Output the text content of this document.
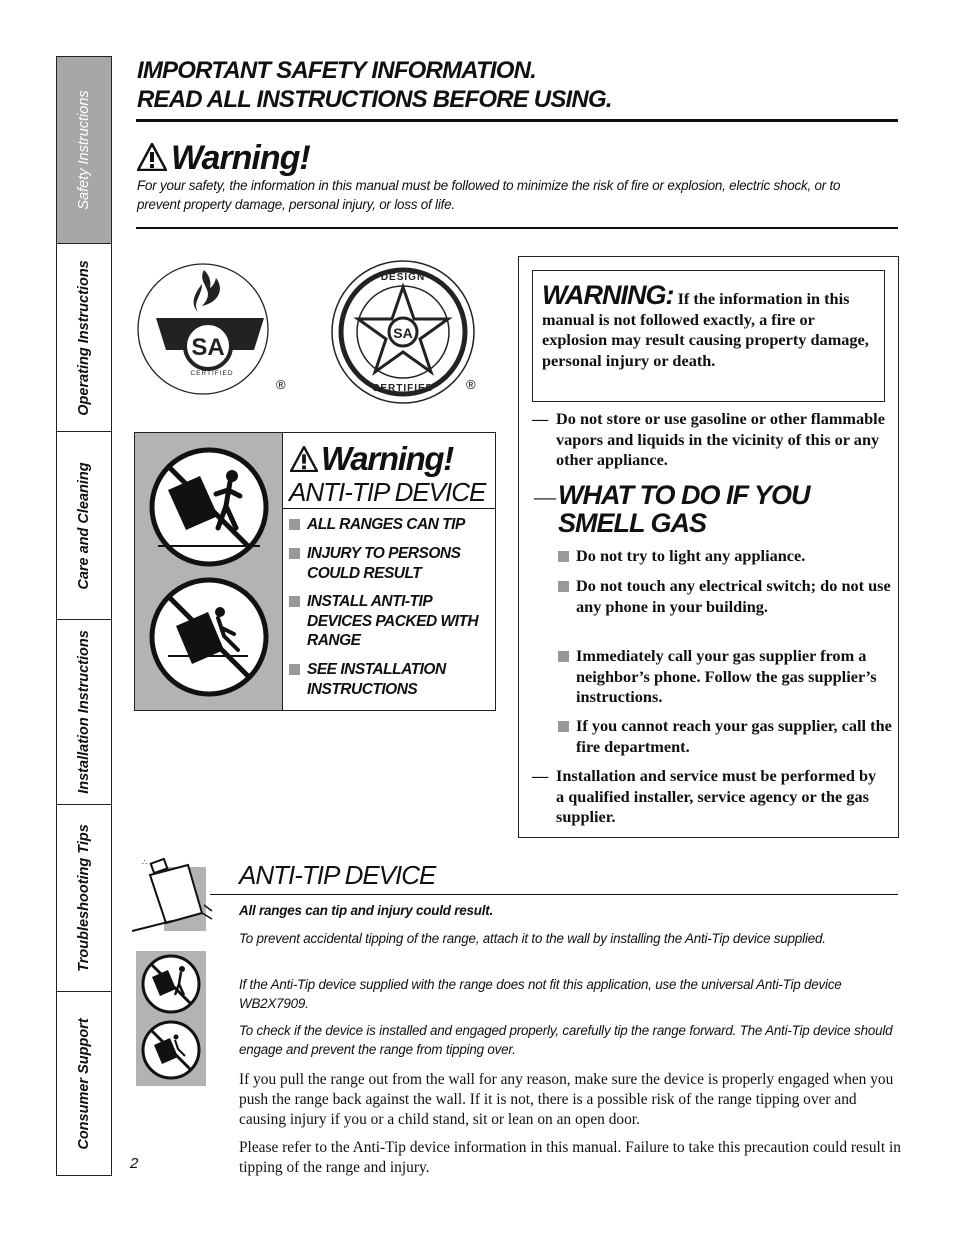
Safety Instructions
Operating Instructions
Care and Cleaning
Installation Instructions
Troubleshooting Tips
Consumer Support
IMPORTANT SAFETY INFORMATION.
READ ALL INSTRUCTIONS BEFORE USING.
Warning!
For your safety, the information in this manual must be followed to minimize the risk of fire or explosion, electric shock, or to prevent property damage, personal injury, or loss of life.
SA
CERTIFIED
®
SA
DESIGN
CERTIFIED ®
WARNING: If the information in this manual is not followed exactly, a fire or explosion may result causing property damage, personal injury or death.
— Do not store or use gasoline or other flammable vapors and liquids in the vicinity of this or any other appliance.
— WHAT TO DO IF YOU
SMELL GAS
Do not try to light any appliance.
Do not touch any electrical switch; do not use any phone in your building.
Immediately call your gas supplier from a neighbor’s phone. Follow the gas supplier’s instructions.
If you cannot reach your gas supplier, call the fire department.
— Installation and service must be performed by a qualified installer, service agency or the gas supplier.
Warning!
ANTI-TIP DEVICE
ALL RANGES CAN TIP
INJURY TO PERSONS COULD RESULT
INSTALL ANTI-TIP DEVICES PACKED WITH RANGE
SEE INSTALLATION INSTRUCTIONS
∴	ANTI-TIP DEVICE
All ranges can tip and injury could result.
To prevent accidental tipping of the range, attach it to the wall by installing the Anti-Tip device supplied.
If the Anti-Tip device supplied with the range does not fit this application, use the universal Anti-Tip device WB2X7909.
To check if the device is installed and engaged properly, carefully tip the range forward. The Anti-Tip device should engage and prevent the range from tipping over.
If you pull the range out from the wall for any reason, make sure the device is properly engaged when you push the range back against the wall. If it is not, there is a possible risk of the range tipping over and causing injury if you or a child stand, sit or lean on an open door.
Please refer to the Anti-Tip device information in this manual. Failure to take this precaution could result in tipping of the range and injury.
2
